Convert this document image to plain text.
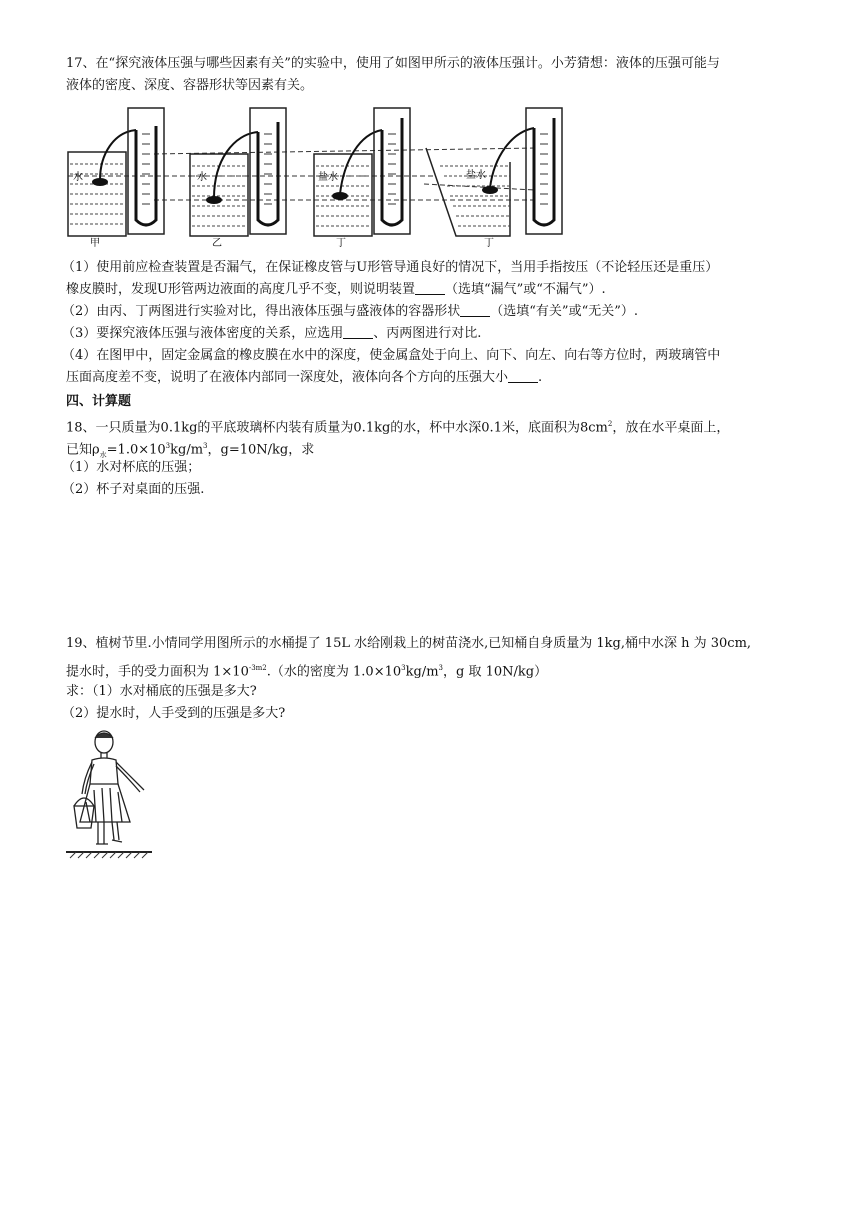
17、在“探究液体压强与哪些因素有关”的实验中，使用了如图甲所示的液体压强计。小芳猜想：液体的压强可能与
液体的密度、深度、容器形状等因素有关。
水
甲
水
乙
盐水
丁
盐水
丁
（1）使用前应检查装置是否漏气，在保证橡皮管与U形管导通良好的情况下，当用手指按压（不论轻压还是重压）
橡皮膜时，发现U形管两边液面的高度几乎不变，则说明装置 （选填“漏气”或“不漏气”）.
（2）由丙、丁两图进行实验对比，得出液体压强与盛液体的容器形状 （选填“有关”或“无关”）.
（3）要探究液体压强与液体密度的关系，应选用 、丙两图进行对比.
（4）在图甲中，固定金属盒的橡皮膜在水中的深度，使金属盒处于向上、向下、向左、向右等方位时，两玻璃管中
压面高度差不变，说明了在液体内部同一深度处，液体向各个方向的压强大小 .
四、计算题
18、一只质量为0.1kg的平底玻璃杯内装有质量为0.1kg的水，杯中水深0.1米，底面积为$8cm^2$，放在水平桌面上，
已知$\rho_水=1.0\times 10^3kg/m^3$，g=10N/kg，求
（1）水对杯底的压强；
（2）杯子对桌面的压强.
19、植树节里.小情同学用图所示的水桶提了 15L 水给刚栽上的树苗浇水,已知桶自身质量为 1kg,桶中水深 h 为 30cm,
提水时，手的受力面积为 $1\times 10^{-3m2}$.（水的密度为 $1.0\times 10^3kg/m^3$，g 取 10N/kg）
求：（1）水对桶底的压强是多大?
（2）提水时，人手受到的压强是多大?
